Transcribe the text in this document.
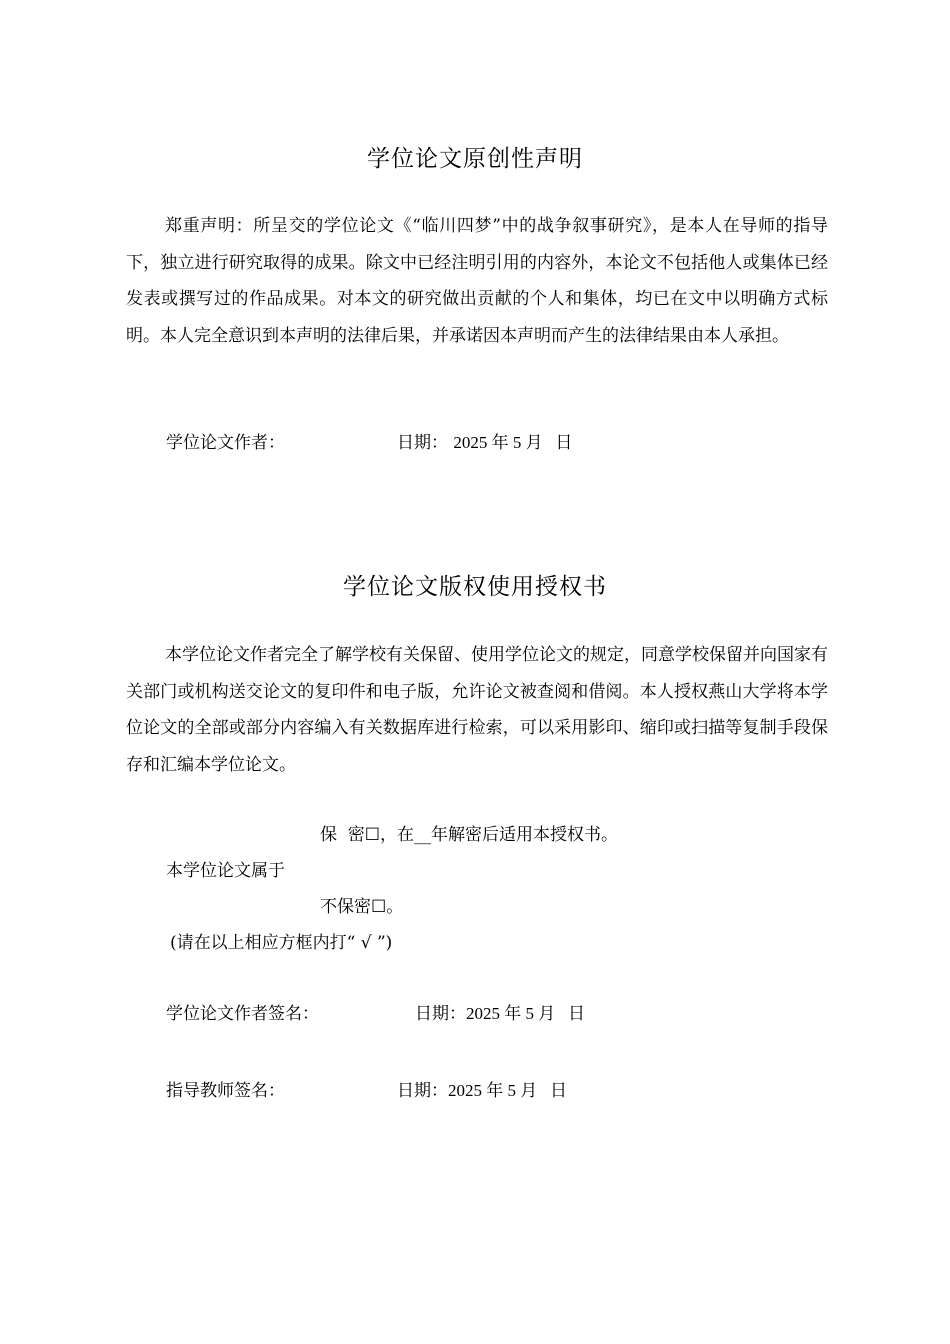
学位论文原创性声明
郑重声明：所呈交的学位论文《“临川四梦”中的战争叙事研究》，是本人在导师的指导下，独立进行研究取得的成果。除文中已经注明引用的内容外，本论文不包括他人或集体已经发表或撰写过的作品成果。对本文的研究做出贡献的个人和集体，均已在文中以明确方式标明。本人完全意识到本声明的法律后果，并承诺因本声明而产生的法律结果由本人承担。
学位论文作者：	日期： 2025 年 5 月   日
学位论文版权使用授权书
本学位论文作者完全了解学校有关保留、使用学位论文的规定，同意学校保留并向国家有关部门或机构送交论文的复印件和电子版，允许论文被查阅和借阅。本人授权燕山大学将本学位论文的全部或部分内容编入有关数据库进行检索，可以采用影印、缩印或扫描等复制手段保存和汇编本学位论文。
保  密☐，在__年解密后适用本授权书。
本学位论文属于
不保密☐。
(请在以上相应方框内打“ √ ”)
学位论文作者签名：	日期：2025 年 5 月   日
指导教师签名：	日期：2025 年 5 月   日
